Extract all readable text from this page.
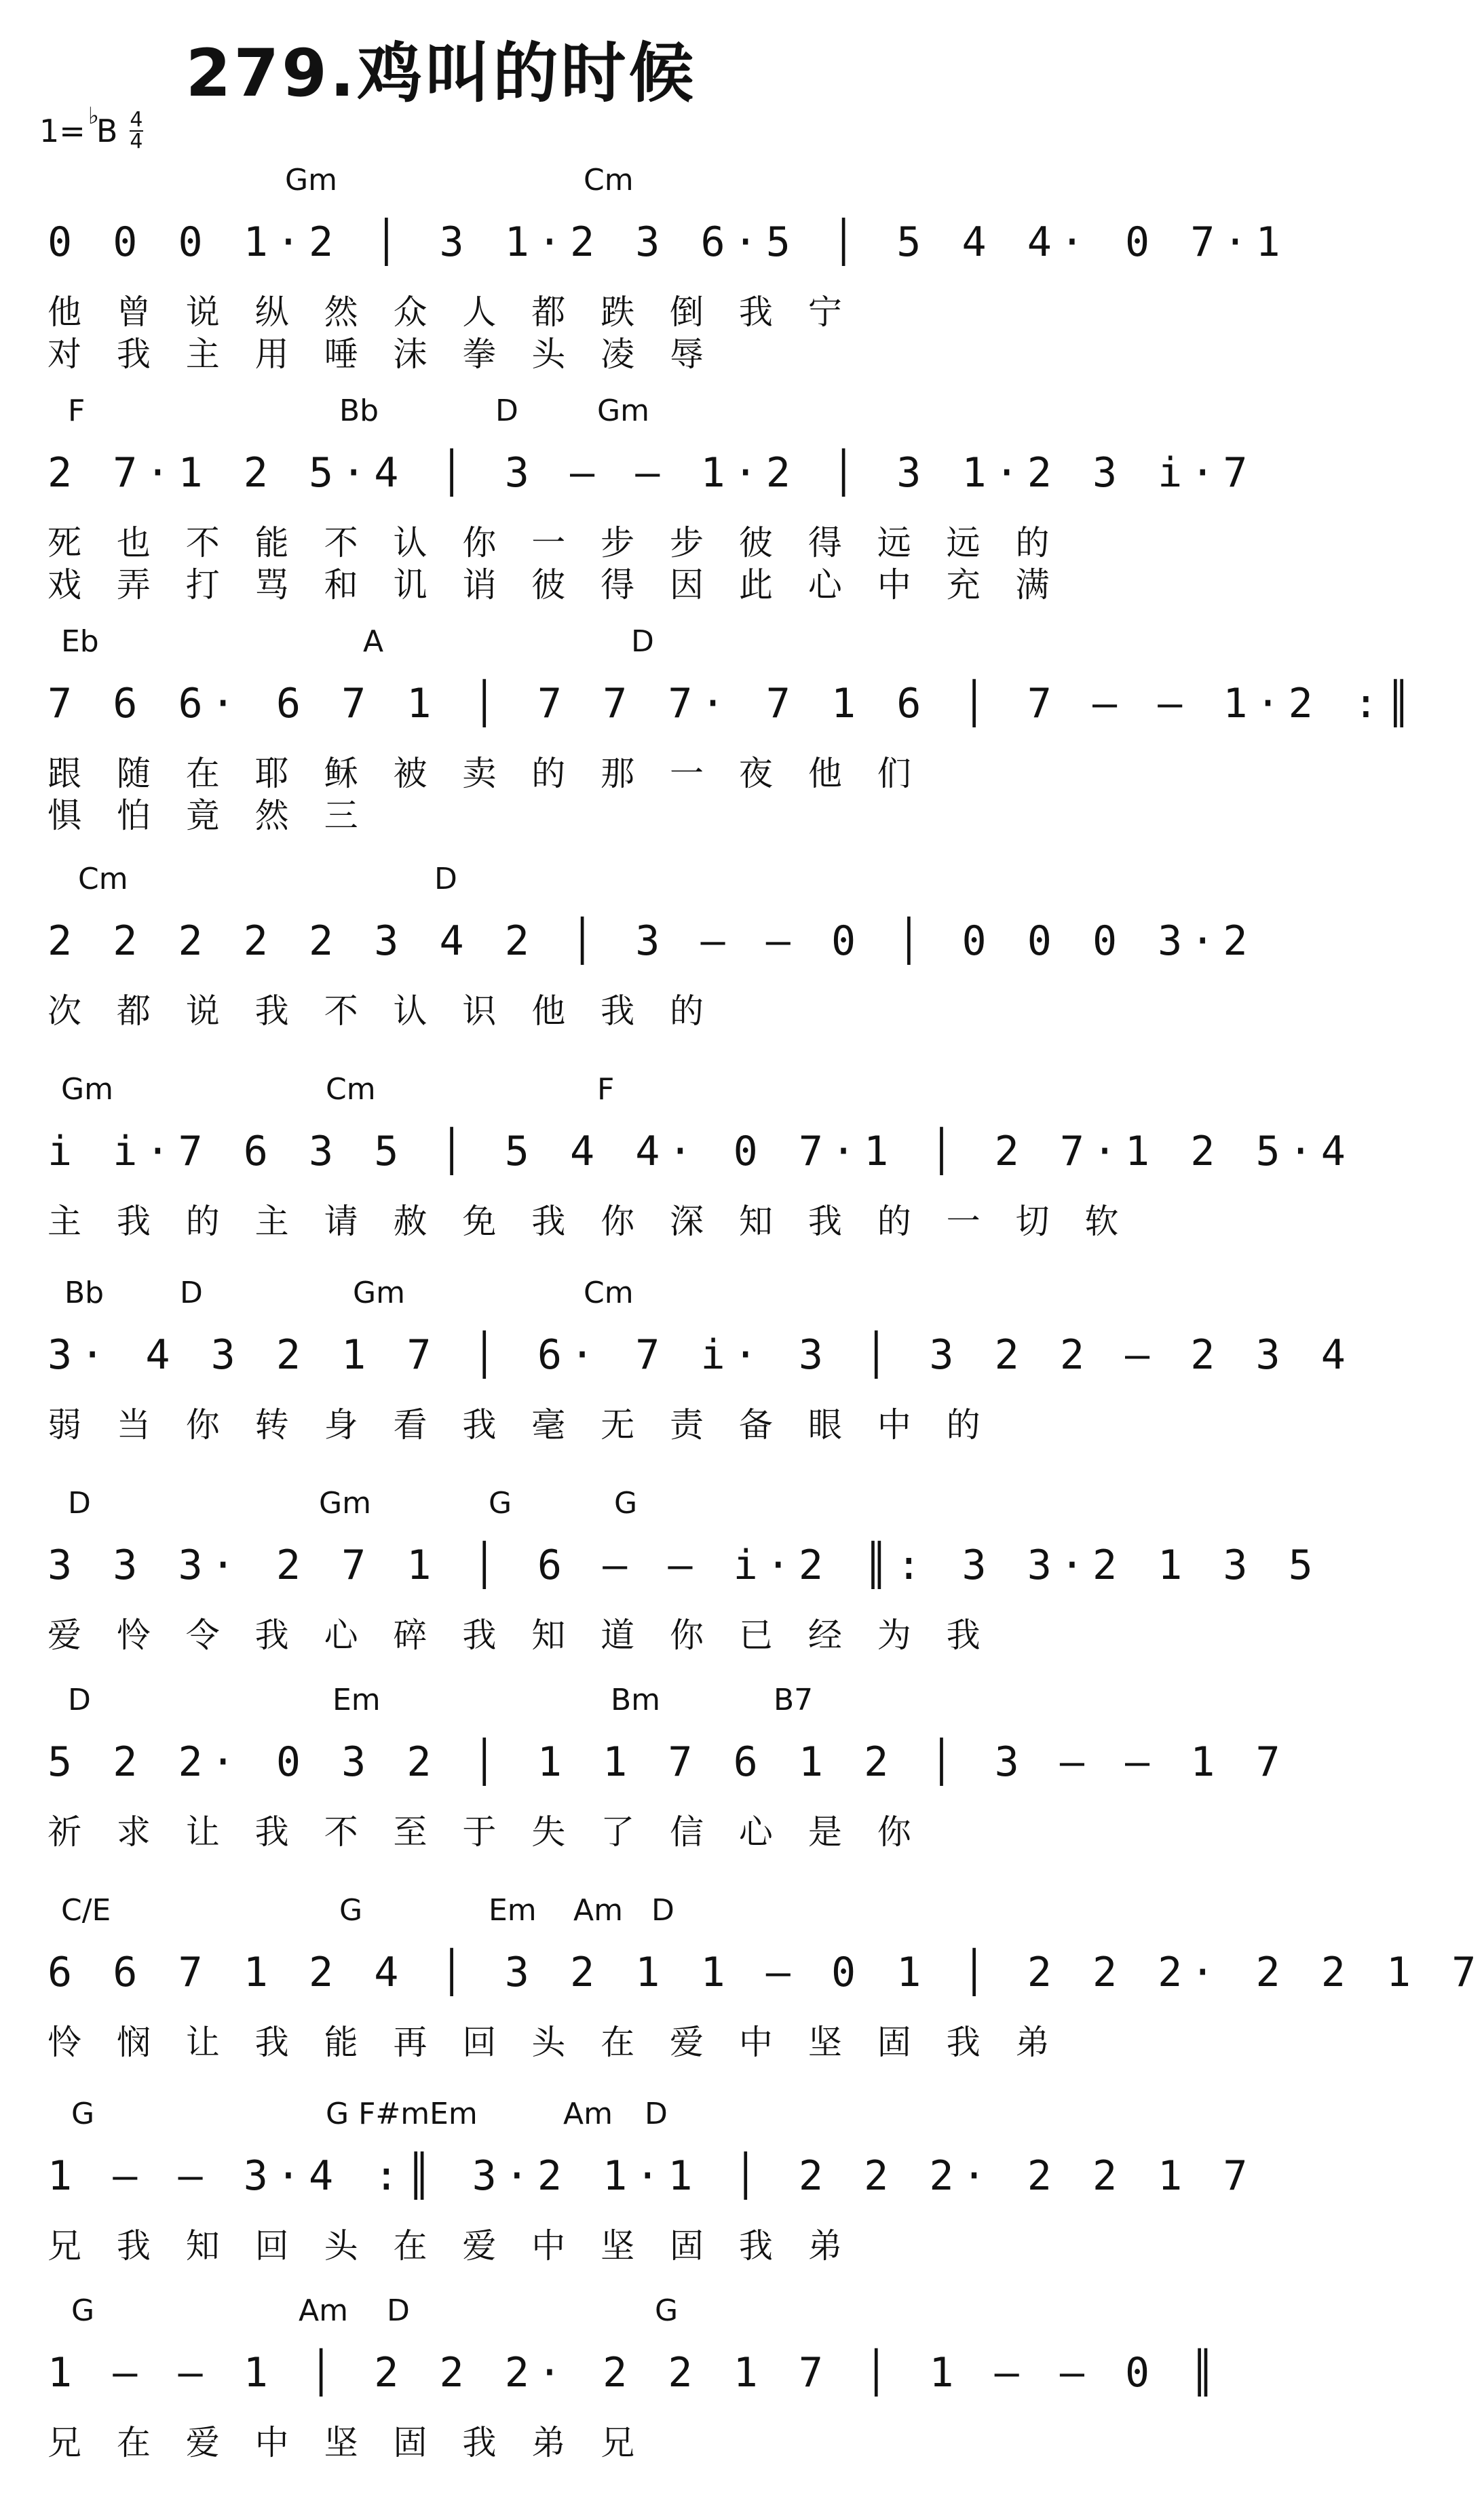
279.鸡叫的时候
1= ♭
B 4
4
Gm	Cm
0 0 0 1·2 │ 3 1·2 3 6·5 │ 5 4 4· 0 7·1
他 曾 说 纵 然 众 人 都 跌 倒 我 宁
对 我 主 用 唾 沫 拳 头 凌 辱
F	Bb	D	Gm
2 7·1 2 5·4 │ 3 — — 1·2 │ 3 1·2 3 i·7
死 也 不 能 不 认 你 一 步 步 彼 得 远 远 的
戏 弄 打 骂 和 讥 诮 彼 得 因 此 心 中 充 满
Eb	A	D
7 6 6· 6 7 1 │ 7 7 7· 7 1 6 │ 7 — — 1·2 :║
跟 随 在 耶 稣 被 卖 的 那 一 夜 他 们
惧 怕 竟 然 三
Cm	D
2 2 2 2 2 3 4 2 │ 3 — — 0 │ 0 0 0 3·2
次 都 说 我 不 认 识 他 我 的
Gm	Cm	F
i i·7 6 3 5 │ 5 4 4· 0 7·1 │ 2 7·1 2 5·4
主 我 的 主 请 赦 免 我 你 深 知 我 的 一 切 软
Bb	D	Gm	Cm
3· 4 3 2 1 7 │ 6· 7 i· 3 │ 3 2 2 — 2 3 4
弱 当 你 转 身 看 我 毫 无 责 备 眼 中 的
D	Gm	G	G
3 3 3· 2 7 1 │ 6 — — i·2 ║: 3 3·2 1 3 5
爱 怜 令 我 心 碎 我 知 道 你 已 经 为 我
D	Em	Bm	B7
5 2 2· 0 3 2 │ 1 1 7 6 1 2 │ 3 — — 1 7
祈 求 让 我 不 至 于 失 了 信 心 是 你
C/E	G	Em Am D
6 6 7 1 2 4 │ 3 2 1 1 — 0 1 │ 2 2 2· 2 2 1 7
怜 悯 让 我 能 再 回 头 在 爱 中 坚 固 我 弟
G	G F#mEm	Am D
1 — — 3·4 :║ 3·2 1·1 │ 2 2 2· 2 2 1 7
兄 我 知 回 头 在 爱 中 坚 固 我 弟
G	Am D	G
1 — — 1 │ 2 2 2· 2 2 1 7 │ 1 — — 0 ║
兄 在 爱 中 坚 固 我 弟 兄
